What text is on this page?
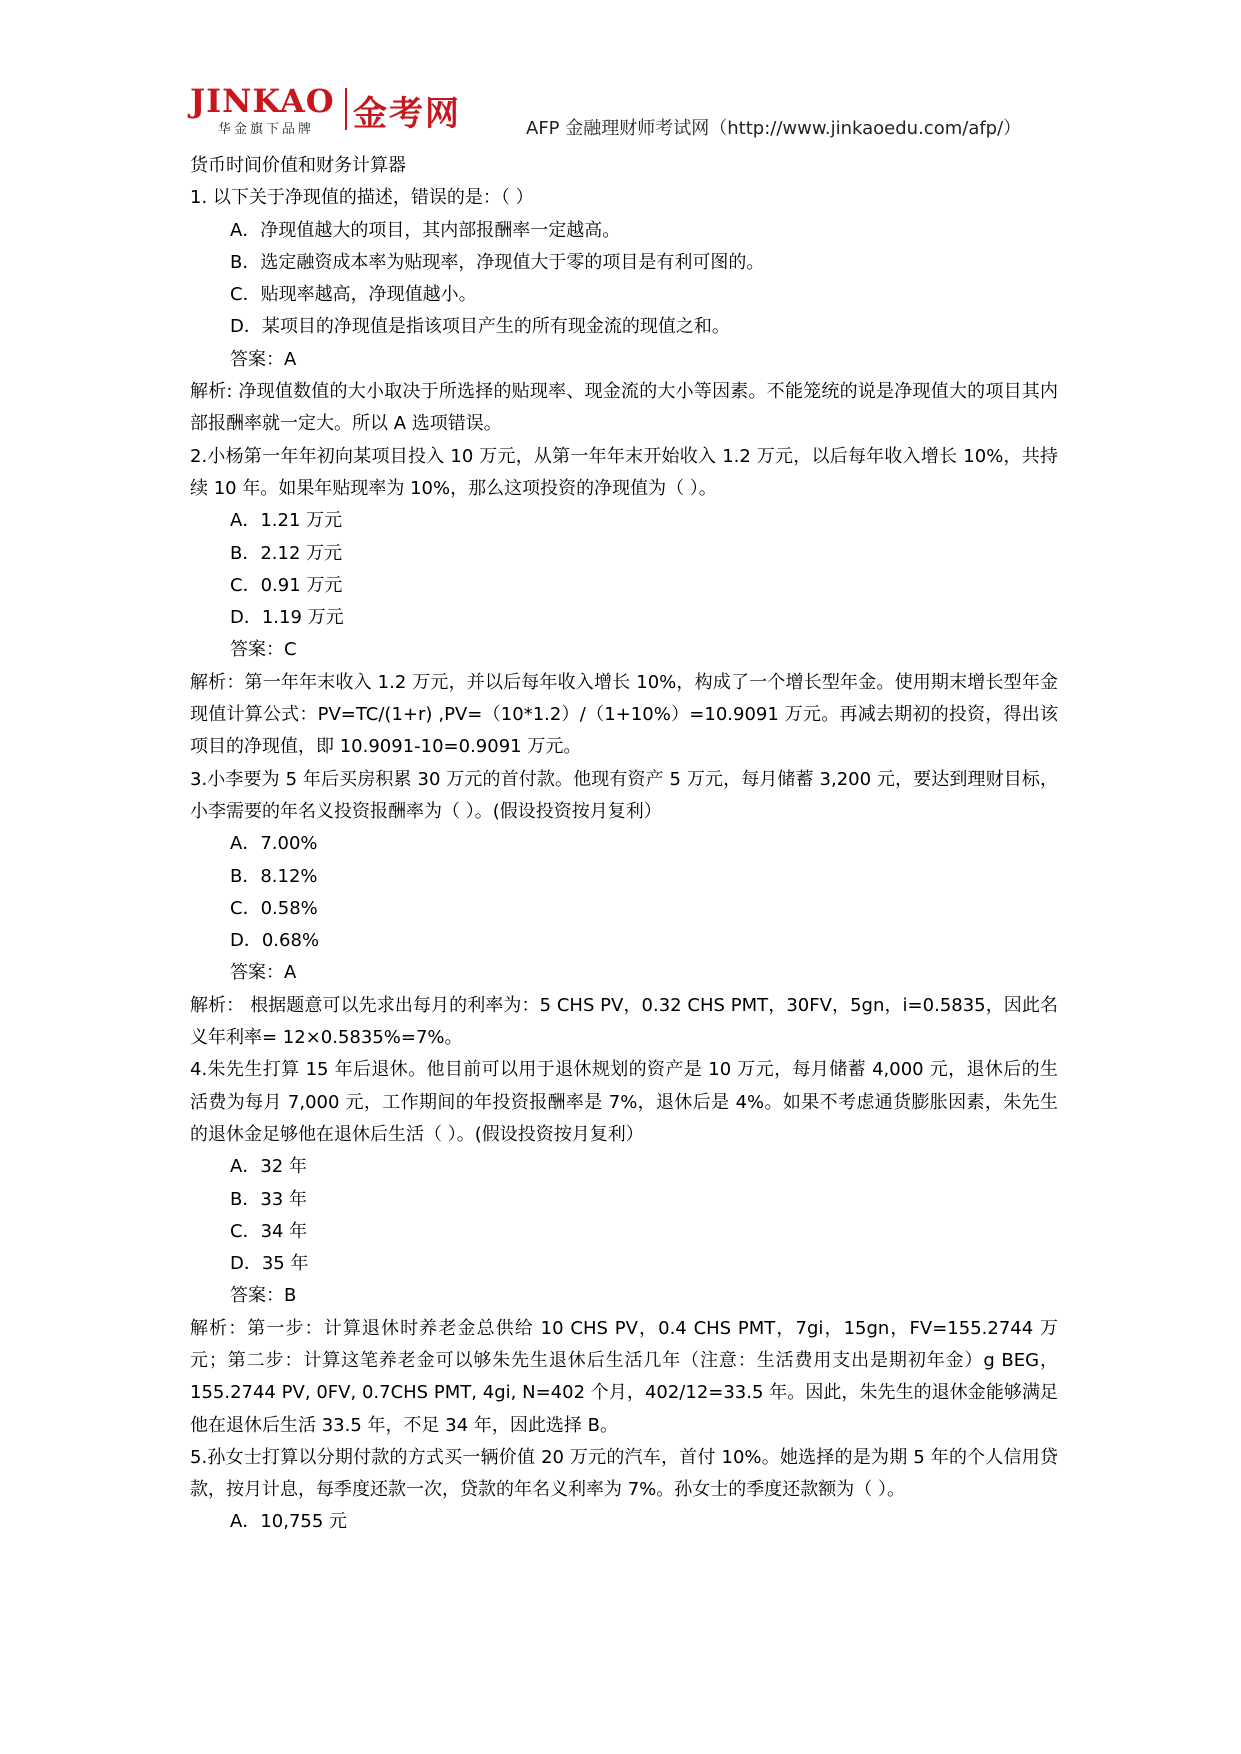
JINKAO
华金旗下品牌 金考网	AFP 金融理财师考试网（http://www.jinkaoedu.com/afp/）
货币时间价值和财务计算器
1. 以下关于净现值的描述，错误的是：（ ）
A．净现值越大的项目，其内部报酬率一定越高。
B．选定融资成本率为贴现率，净现值大于零的项目是有利可图的。
C．贴现率越高，净现值越小。
D．某项目的净现值是指该项目产生的所有现金流的现值之和。
答案：A
解析: 净现值数值的大小取决于所选择的贴现率、现金流的大小等因素。不能笼统的说是净现值大的项目其内部报酬率就一定大。所以 A 选项错误。
2.小杨第一年年初向某项目投入 10 万元，从第一年年末开始收入 1.2 万元，以后每年收入增长 10%，共持续 10 年。如果年贴现率为 10%，那么这项投资的净现值为（ ）。
A．1.21 万元
B．2.12 万元
C．0.91 万元
D．1.19 万元
答案：C
解析：第一年年末收入 1.2 万元，并以后每年收入增长 10%，构成了一个增长型年金。使用期末增长型年金现值计算公式：PV=TC/(1+r) ,PV=（10*1.2）/（1+10%）=10.9091 万元。再减去期初的投资，得出该项目的净现值，即 10.9091-10=0.9091 万元。
3.小李要为 5 年后买房积累 30 万元的首付款。他现有资产 5 万元，每月储蓄 3,200 元，要达到理财目标，小李需要的年名义投资报酬率为（ ）。(假设投资按月复利）
A．7.00%
B．8.12%
C．0.58%
D．0.68%
答案：A
解析： 根据题意可以先求出每月的利率为：5 CHS PV，0.32 CHS PMT，30FV，5gn，i=0.5835，因此名义年利率= 12×0.5835%=7%。
4.朱先生打算 15 年后退休。他目前可以用于退休规划的资产是 10 万元，每月储蓄 4,000 元，退休后的生活费为每月 7,000 元，工作期间的年投资报酬率是 7%，退休后是 4%。如果不考虑通货膨胀因素，朱先生的退休金足够他在退休后生活（ ）。(假设投资按月复利）
A．32 年
B．33 年
C．34 年
D．35 年
答案：B
解析：第一步：计算退休时养老金总供给 10 CHS PV，0.4 CHS PMT，7gi，15gn，FV=155.2744 万元；第二步：计算这笔养老金可以够朱先生退休后生活几年（注意：生活费用支出是期初年金）g BEG，155.2744 PV, 0FV, 0.7CHS PMT, 4gi, N=402 个月，402/12=33.5 年。因此，朱先生的退休金能够满足他在退休后生活 33.5 年，不足 34 年，因此选择 B。
5.孙女士打算以分期付款的方式买一辆价值 20 万元的汽车，首付 10%。她选择的是为期 5 年的个人信用贷款，按月计息，每季度还款一次，贷款的年名义利率为 7%。孙女士的季度还款额为（ ）。
A．10,755 元
